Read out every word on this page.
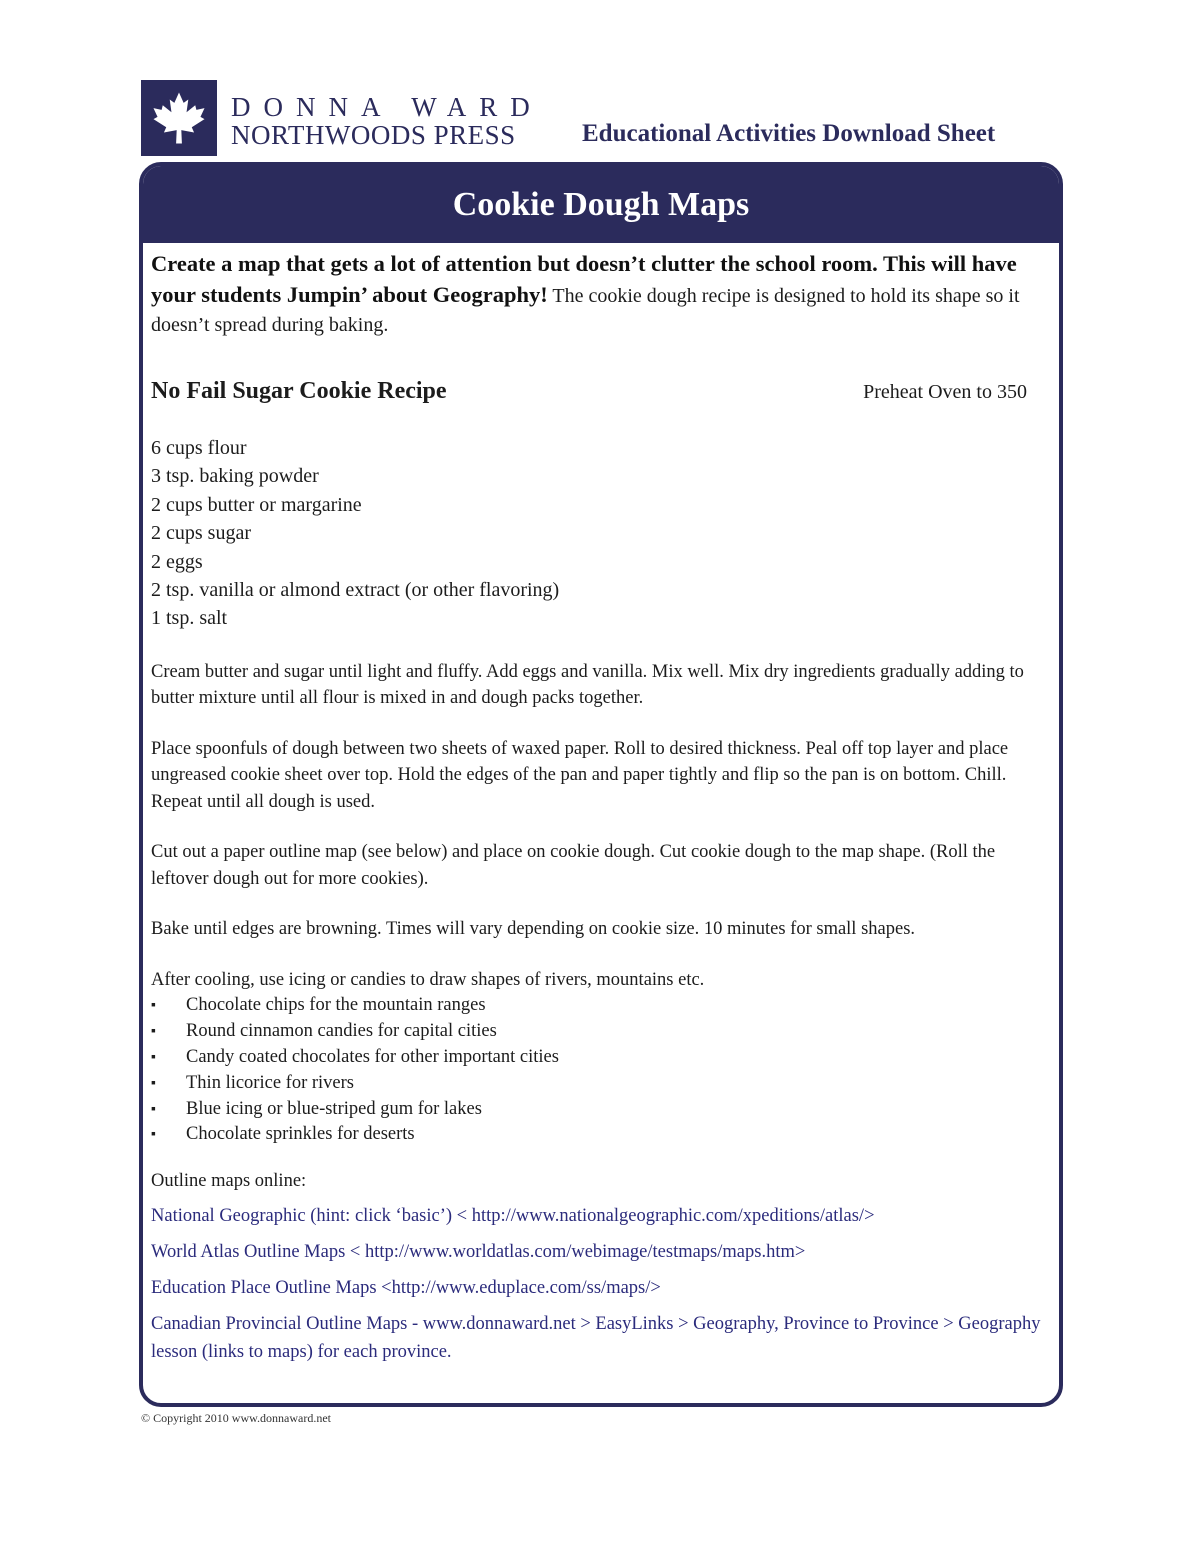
DONNA WARD
NORTHWOODS PRESS	Educational Activities Download Sheet
Cookie Dough Maps

Create a map that gets a lot of attention but doesn’t clutter the school room. This will have your students Jumpin’ about Geography! The cookie dough recipe is designed to hold its shape so it doesn’t spread during baking.

No Fail Sugar Cookie Recipe	Preheat Oven to 350
6 cups flour
3 tsp. baking powder
2 cups butter or margarine
2 cups sugar
2 eggs
2 tsp. vanilla or almond extract (or other flavoring)
1 tsp. salt

Cream butter and sugar until light and fluffy. Add eggs and vanilla. Mix well. Mix dry ingredients gradually adding to butter mixture until all flour is mixed in and dough packs together.

Place spoonfuls of dough between two sheets of waxed paper. Roll to desired thickness. Peal off top layer and place ungreased cookie sheet over top. Hold the edges of the pan and paper tightly and flip so the pan is on bottom. Chill. Repeat until all dough is used.

Cut out a paper outline map (see below) and place on cookie dough. Cut cookie dough to the map shape. (Roll the leftover dough out for more cookies).

Bake until edges are browning. Times will vary depending on cookie size. 10 minutes for small shapes.

After cooling, use icing or candies to draw shapes of rivers, mountains etc.

▪ Chocolate chips for the mountain ranges
▪ Round cinnamon candies for capital cities
▪ Candy coated chocolates for other important cities
▪ Thin licorice for rivers
▪ Blue icing or blue-striped gum for lakes
▪ Chocolate sprinkles for deserts
Outline maps online:

National Geographic (hint: click ‘basic’) < http://www.nationalgeographic.com/xpeditions/atlas/>

World Atlas Outline Maps < http://www.worldatlas.com/webimage/testmaps/maps.htm>

Education Place Outline Maps <http://www.eduplace.com/ss/maps/>

Canadian Provincial Outline Maps - www.donnaward.net > EasyLinks > Geography, Province to Province > Geography lesson (links to maps) for each province.

© Copyright 2010 www.donnaward.net
